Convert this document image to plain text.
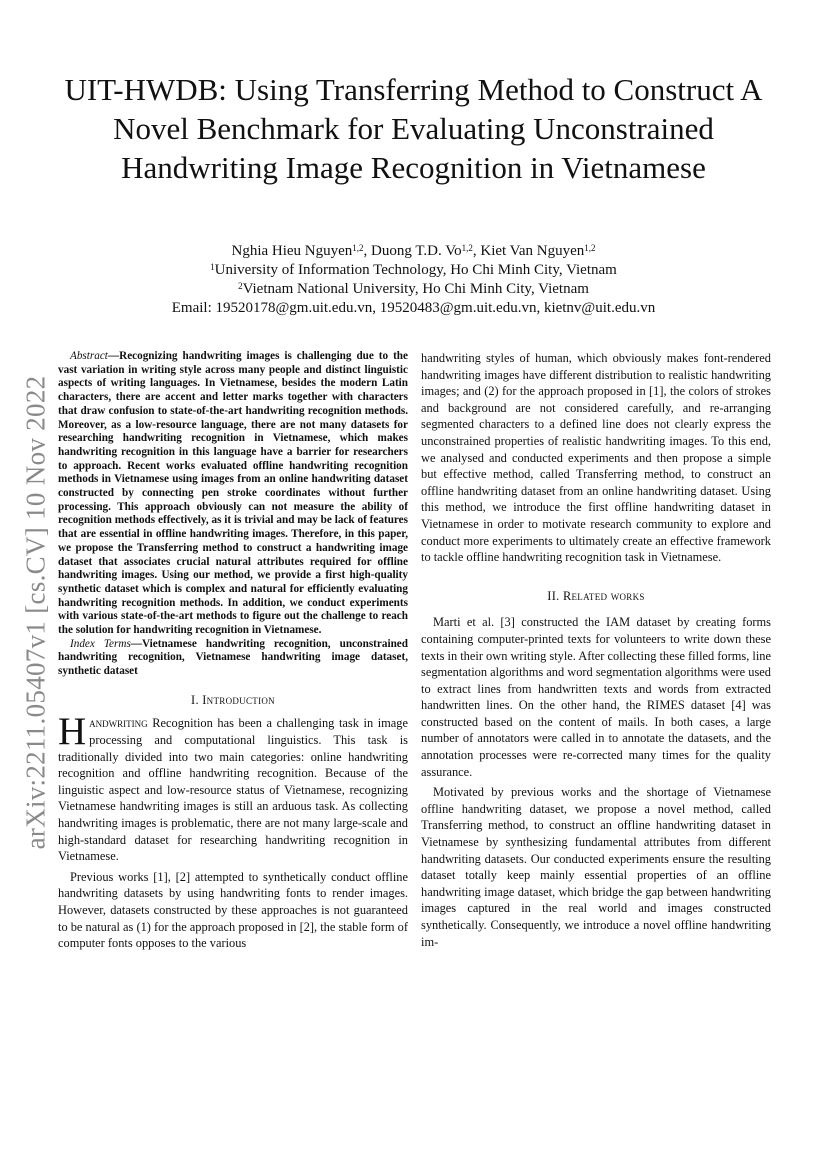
arXiv:2211.05407v1 [cs.CV] 10 Nov 2022
UIT-HWDB: Using Transferring Method to Construct A Novel Benchmark for Evaluating Unconstrained Handwriting Image Recognition in Vietnamese
Nghia Hieu Nguyen$^{1,2}$, Duong T.D. Vo$^{1,2}$, Kiet Van Nguyen$^{1,2}$
$^1$University of Information Technology, Ho Chi Minh City, Vietnam
$^2$Vietnam National University, Ho Chi Minh City, Vietnam
Email: 19520178@gm.uit.edu.vn, 19520483@gm.uit.edu.vn, kietnv@uit.edu.vn

Abstract—Recognizing handwriting images is challenging due to the vast variation in writing style across many people and distinct linguistic aspects of writing languages. In Vietnamese, besides the modern Latin characters, there are accent and letter marks together with characters that draw confusion to state-of-the-art handwriting recognition methods. Moreover, as a low-resource language, there are not many datasets for researching handwriting recognition in Vietnamese, which makes handwriting recognition in this language have a barrier for researchers to approach. Recent works evaluated offline handwriting recognition methods in Vietnamese using images from an online handwriting dataset constructed by connecting pen stroke coordinates without further processing. This approach obviously can not measure the ability of recognition methods effectively, as it is trivial and may be lack of features that are essential in offline handwriting images. Therefore, in this paper, we propose the Transferring method to construct a handwriting image dataset that associates crucial natural attributes required for offline handwriting images. Using our method, we provide a first high-quality synthetic dataset which is complex and natural for efficiently evaluating handwriting recognition methods. In addition, we conduct experiments with various state-of-the-art methods to figure out the challenge to reach the solution for handwriting recognition in Vietnamese.

Index Terms—Vietnamese handwriting recognition, unconstrained handwriting recognition, Vietnamese handwriting image dataset, synthetic dataset

I. Introduction

Handwriting Recognition has been a challenging task in image processing and computational linguistics. This task is traditionally divided into two main categories: online handwriting recognition and offline handwriting recognition. Because of the linguistic aspect and low-resource status of Vietnamese, recognizing Vietnamese handwriting images is still an arduous task. As collecting handwriting images is problematic, there are not many large-scale and high-standard dataset for researching handwriting recognition in Vietnamese.

Previous works [1], [2] attempted to synthetically conduct offline handwriting datasets by using handwriting fonts to render images. However, datasets constructed by these approaches is not guaranteed to be natural as (1) for the approach proposed in [2], the stable form of computer fonts opposes to the various

handwriting styles of human, which obviously makes font-rendered handwriting images have different distribution to realistic handwriting images; and (2) for the approach proposed in [1], the colors of strokes and background are not considered carefully, and re-arranging segmented characters to a defined line does not clearly express the unconstrained properties of realistic handwriting images. To this end, we analysed and conducted experiments and then propose a simple but effective method, called Transferring method, to construct an offline handwriting dataset from an online handwriting dataset. Using this method, we introduce the first offline handwriting dataset in Vietnamese in order to motivate research community to explore and conduct more experiments to ultimately create an effective framework to tackle offline handwriting recognition task in Vietnamese.

II. Related works

Marti et al. [3] constructed the IAM dataset by creating forms containing computer-printed texts for volunteers to write down these texts in their own writing style. After collecting these filled forms, line segmentation algorithms and word segmentation algorithms were used to extract lines from handwritten texts and words from extracted handwritten lines. On the other hand, the RIMES dataset [4] was constructed based on the content of mails. In both cases, a large number of annotators were called in to annotate the datasets, and the annotation processes were re-corrected many times for the quality assurance.

Motivated by previous works and the shortage of Vietnamese offline handwriting dataset, we propose a novel method, called Transferring method, to construct an offline handwriting dataset in Vietnamese by synthesizing fundamental attributes from different handwriting datasets. Our conducted experiments ensure the resulting dataset totally keep mainly essential properties of an offline handwriting image dataset, which bridge the gap between handwriting images captured in the real world and images constructed synthetically. Consequently, we introduce a novel offline handwriting im-
